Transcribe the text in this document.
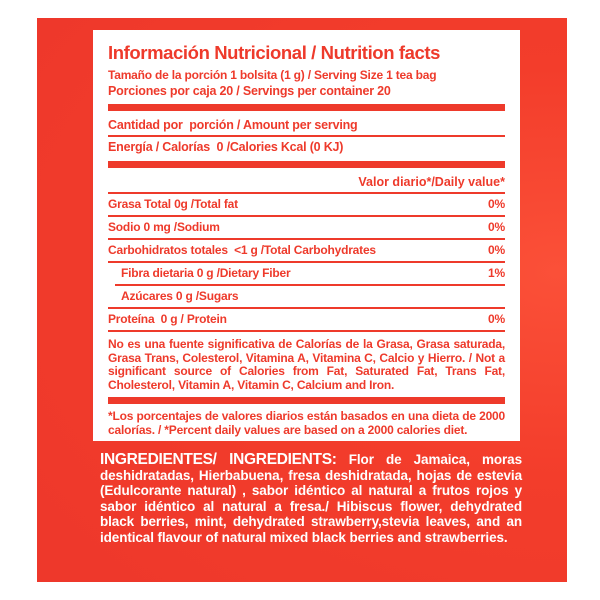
Información Nutricional / Nutrition facts
Tamaño de la porción 1 bolsita (1 g) / Serving Size 1 tea bag
Porciones por caja 20 / Servings per container 20
Cantidad por  porción / Amount per serving
Energía / Calorías  0 /Calories Kcal (0 KJ)
Valor diario*/Daily value*
Grasa Total 0g /Total fat	0%
Sodio 0 mg /Sodium	0%
Carbohidratos totales  <1 g /Total Carbohydrates	0%
Fibra dietaria 0 g /Dietary Fiber	1%
Azúcares 0 g /Sugars
Proteína  0 g / Protein	0%
No es una fuente significativa de Calorías de la Grasa, Grasa saturada, Grasa Trans, Colesterol, Vitamina A, Vitamina C, Calcio y Hierro. / Not a significant source of Calories from Fat, Saturated Fat, Trans Fat, Cholesterol, Vitamin A, Vitamin C, Calcium and Iron.
*Los porcentajes de valores diarios están basados en una dieta de 2000 calorías. / *Percent daily values are based on a 2000 calories diet.
INGREDIENTES/ INGREDIENTS: Flor de Jamaica, moras deshidratadas, Hierbabuena, fresa deshidratada, hojas de estevia (Edulcorante natural) , sabor idéntico al natural a frutos rojos y sabor idéntico al natural a fresa./ Hibiscus flower, dehydrated black berries, mint, dehydrated strawberry,stevia leaves, and an identical flavour of natural mixed black berries and strawberries.
